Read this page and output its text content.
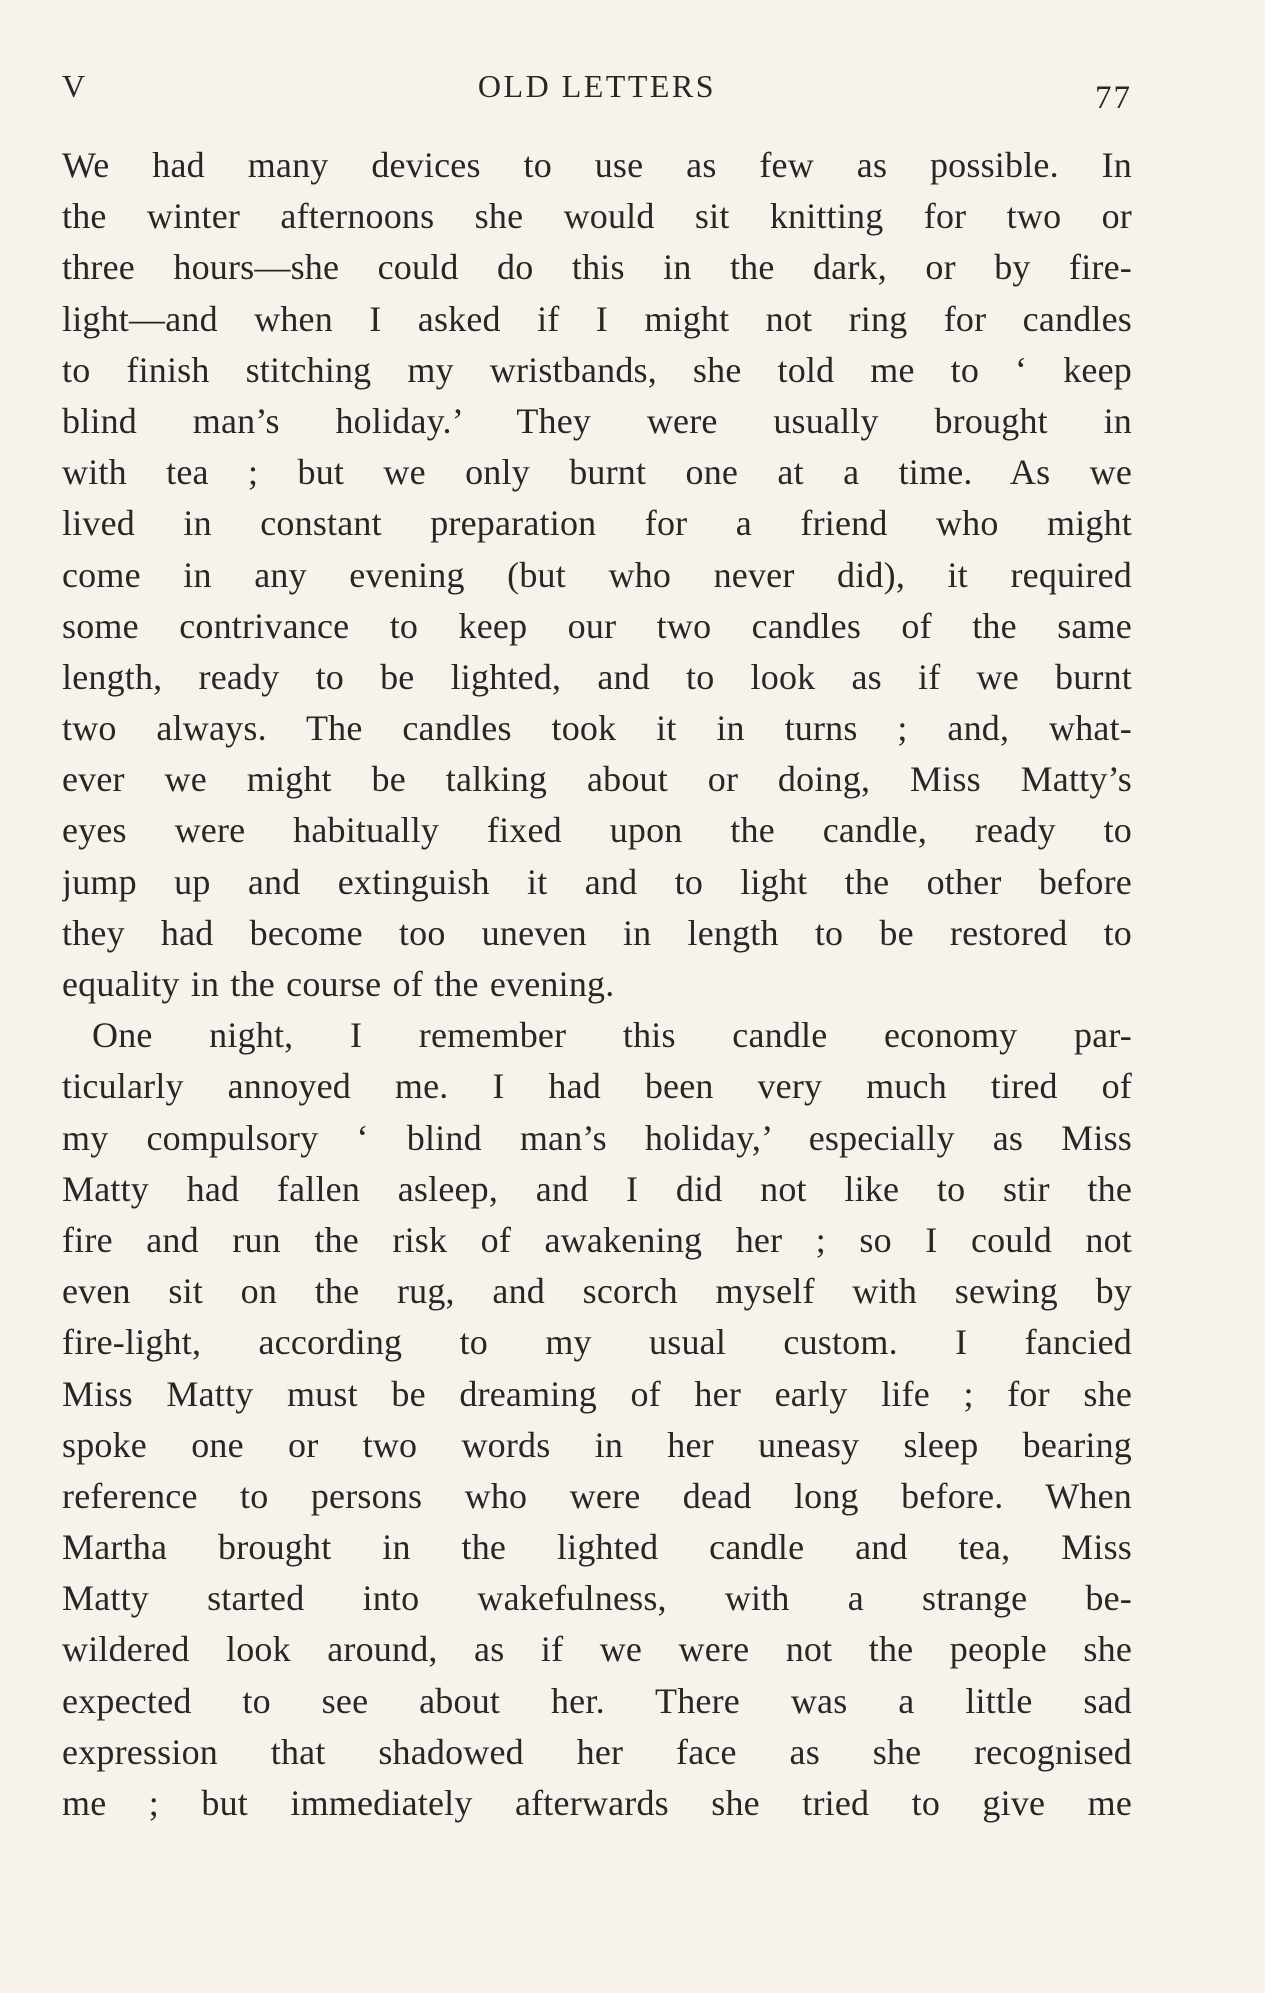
V	OLD LETTERS	77
We had many devices to use as few as possible. In
the winter afternoons she would sit knitting for two or
three hours—she could do this in the dark, or by fire-
light—and when I asked if I might not ring for candles
to finish stitching my wristbands, she told me to ‘ keep
blind man’s holiday.’ They were usually brought in
with tea ; but we only burnt one at a time. As we
lived in constant preparation for a friend who might
come in any evening (but who never did), it required
some contrivance to keep our two candles of the same
length, ready to be lighted, and to look as if we burnt
two always. The candles took it in turns ; and, what-
ever we might be talking about or doing, Miss Matty’s
eyes were habitually fixed upon the candle, ready to
jump up and extinguish it and to light the other before
they had become too uneven in length to be restored to
equality in the course of the evening.
One night, I remember this candle economy par-
ticularly annoyed me. I had been very much tired of
my compulsory ‘ blind man’s holiday,’ especially as Miss
Matty had fallen asleep, and I did not like to stir the
fire and run the risk of awakening her ; so I could not
even sit on the rug, and scorch myself with sewing by
fire-light, according to my usual custom. I fancied
Miss Matty must be dreaming of her early life ; for she
spoke one or two words in her uneasy sleep bearing
reference to persons who were dead long before. When
Martha brought in the lighted candle and tea, Miss
Matty started into wakefulness, with a strange be-
wildered look around, as if we were not the people she
expected to see about her. There was a little sad
expression that shadowed her face as she recognised
me ; but immediately afterwards she tried to give me
